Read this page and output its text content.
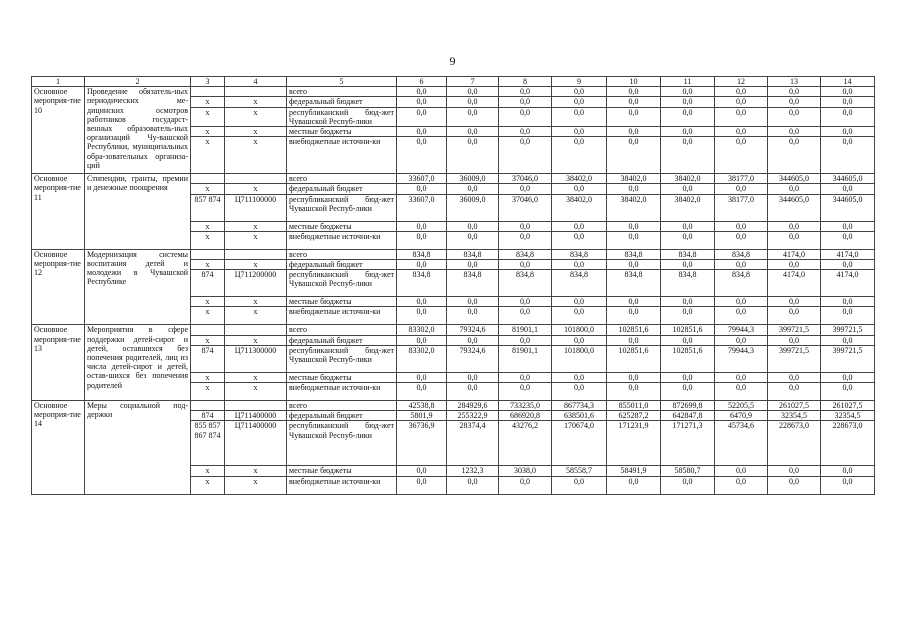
9
1	2	3	4	5	6	7	8	9	10	11	12	13	14
Основное мероприя-тие 10	Проведение обязатель-ных периодических ме-дицинских осмотров работников государст-венных образователь-ных организаций Чу-вашской Республики, муниципальных обра-зовательных организа-ций			всего	0,0	0,0	0,0	0,0	0,0	0,0	0,0	0,0	0,0
		x	x	федеральный бюджет	0,0	0,0	0,0	0,0	0,0	0,0	0,0	0,0	0,0
		x	x	республиканский бюд-жет Чувашской Респуб-лики	0,0	0,0	0,0	0,0	0,0	0,0	0,0	0,0	0,0
		x	x	местные бюджеты	0,0	0,0	0,0	0,0	0,0	0,0	0,0	0,0	0,0
		x	x	внебюджетные источни-ки	0,0	0,0	0,0	0,0	0,0	0,0	0,0	0,0	0,0
Основное мероприя-тие 11	Стипендии, гранты, премии и денежные поощрения			всего	33607,0	36009,0	37046,0	38402,0	38402,0	38402,0	38177,0	344605,0	344605,0
		x	x	федеральный бюджет	0,0	0,0	0,0	0,0	0,0	0,0	0,0	0,0	0,0
		857 874	Ц711100000	республиканский бюд-жет Чувашской Респуб-лики	33607,0	36009,0	37046,0	38402,0	38402,0	38402,0	38177,0	344605,0	344605,0
		x	x	местные бюджеты	0,0	0,0	0,0	0,0	0,0	0,0	0,0	0,0	0,0
		x	x	внебюджетные источни-ки	0,0	0,0	0,0	0,0	0,0	0,0	0,0	0,0	0,0
Основное мероприя-тие 12	Модернизация системы воспитания детей и молодежи в Чувашской Республике			всего	834,8	834,8	834,8	834,8	834,8	834,8	834,8	4174,0	4174,0
		x	x	федеральный бюджет	0,0	0,0	0,0	0,0	0,0	0,0	0,0	0,0	0,0
		874	Ц711200000	республиканский бюд-жет Чувашской Респуб-лики	834,8	834,8	834,8	834,8	834,8	834,8	834,8	4174,0	4174,0
		x	x	местные бюджеты	0,0	0,0	0,0	0,0	0,0	0,0	0,0	0,0	0,0
		x	x	внебюджетные источни-ки	0,0	0,0	0,0	0,0	0,0	0,0	0,0	0,0	0,0
Основное мероприя-тие 13	Мероприятия в сфере поддержки детей-сирот и детей, оставшихся без попечения родителей, лиц из числа детей-сирот и детей, остав-шихся без попечения родителей			всего	83302,0	79324,6	81901,1	101800,0	102851,6	102851,6	79944,3	399721,5	399721,5
		x	x	федеральный бюджет	0,0	0,0	0,0	0,0	0,0	0,0	0,0	0,0	0,0
		874	Ц711300000	республиканский бюд-жет Чувашской Респуб-лики	83302,0	79324,6	81901,1	101800,0	102851,6	102851,6	79944,3	399721,5	399721,5
		x	x	местные бюджеты	0,0	0,0	0,0	0,0	0,0	0,0	0,0	0,0	0,0
		x	x	внебюджетные источни-ки	0,0	0,0	0,0	0,0	0,0	0,0	0,0	0,0	0,0
Основное мероприя-тие 14	Меры социальной под-держки			всего	42538,8	284929,6	733235,0	867734,3	855011,0	872699,8	52205,5	261027,5	261027,5
		874	Ц711400000	федеральный бюджет	5801,9	255322,9	686920,8	638501,6	625287,2	642847,8	6470,9	32354,5	32354,5
		855 857 867 874	Ц711400000	республиканский бюд-жет Чувашской Респуб-лики	36736,9	28374,4	43276,2	170674,0	171231,9	171271,3	45734,6	228673,0	228673,0
		x	x	местные бюджеты	0,0	1232,3	3038,0	58558,7	58491,9	58580,7	0,0	0,0	0,0
		x	x	внебюджетные источни-ки	0,0	0,0	0,0	0,0	0,0	0,0	0,0	0,0	0,0
